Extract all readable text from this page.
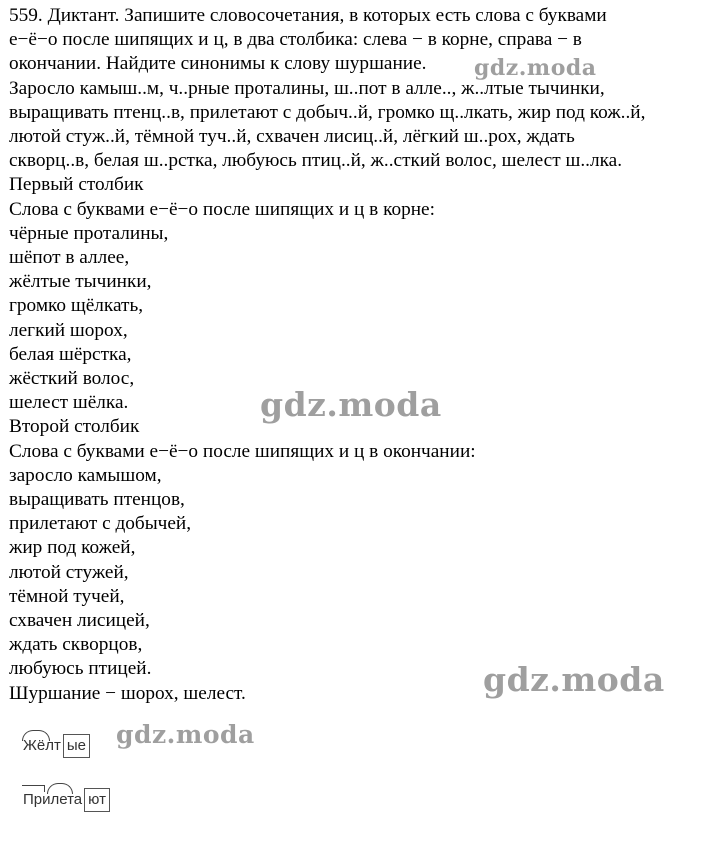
559. Диктант. Запишите словосочетания, в которых есть слова с буквами
е−ё−о после шипящих и ц, в два столбика: слева − в корне, справа − в
окончании. Найдите синонимы к слову шуршание.
Заросло камыш..м, ч..рные проталины, ш..пот в алле.., ж..лтые тычинки,
выращивать птенц..в, прилетают с добыч..й, громко щ..лкать, жир под кож..й,
лютой стуж..й, тёмной туч..й, схвачен лисиц..й, лёгкий ш..рох, ждать
скворц..в, белая ш..рстка, любуюсь птиц..й, ж..сткий волос, шелест ш..лка.
Первый столбик
Слова с буквами е−ё−о после шипящих и ц в корне:
чёрные проталины,
шёпот в аллее,
жёлтые тычинки,
громко щёлкать,
легкий шорох,
белая шёрстка,
жёсткий волос,
шелест шёлка.
Второй столбик
Слова с буквами е−ё−о после шипящих и ц в окончании:
заросло камышом,
выращивать птенцов,
прилетают с добычей,
жир под кожей,
лютой стужей,
тёмной тучей,
схвачен лисицей,
ждать скворцов,
любуюсь птицей.
Шуршание − шорох, шелест.
Жёлт ые
Прилета ют
gdz.moda
gdz.moda
gdz.moda
gdz.moda
